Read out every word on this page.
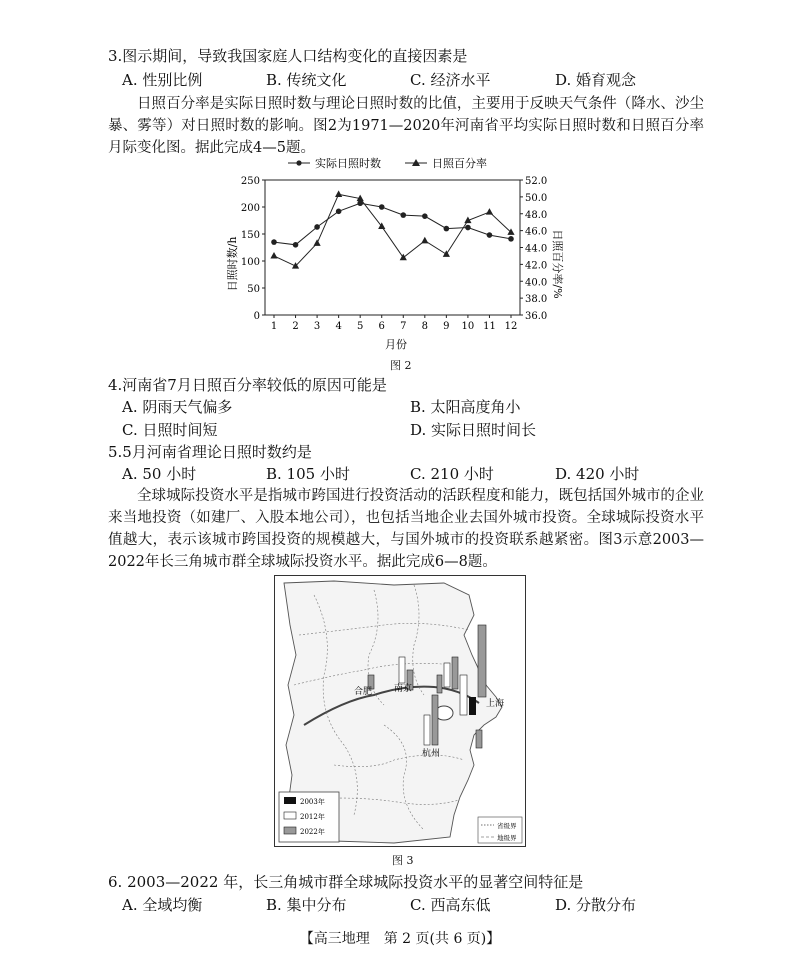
3.图示期间，导致我国家庭人口结构变化的直接因素是
A. 性别比例	B. 传统文化	C. 经济水平	D. 婚育观念
日照百分率是实际日照时数与理论日照时数的比值，主要用于反映天气条件（降水、沙尘暴、雾等）对日照时数的影响。图2为1971—2020年河南省平均实际日照时数和日照百分率月际变化图。据此完成4—5题。
实际日照时数	日照百分率
0
50
100
150
200
250
36.0
38.0
40.0
42.0
44.0
46.0
48.0
50.0
52.0
1 2 3 4 5 6 7 8 9 10 11 12
日照时数/h	日照百分率/%
月份
图 2
4.河南省7月日照百分率较低的原因可能是
A. 阴雨天气偏多	B. 太阳高度角小
C. 日照时间短	D. 实际日照时间长
5.5月河南省理论日照时数约是
A. 50 小时	B. 105 小时	C. 210 小时	D. 420 小时
全球城际投资水平是指城市跨国进行投资活动的活跃程度和能力，既包括国外城市的企业来当地投资（如建厂、入股本地公司），也包括当地企业去国外城市投资。全球城际投资水平值越大，表示该城市跨国投资的规模越大，与国外城市的投资联系越紧密。图3示意2003—2022年长三角城市群全球城际投资水平。据此完成6—8题。
上海
南京
合肥
杭州
2003年
2012年
2022年
省级界
地级界
图 3
6. 2003—2022 年，长三角城市群全球城际投资水平的显著空间特征是
A. 全域均衡	B. 集中分布	C. 西高东低	D. 分散分布
【高三地理　第 2 页(共 6 页)】
